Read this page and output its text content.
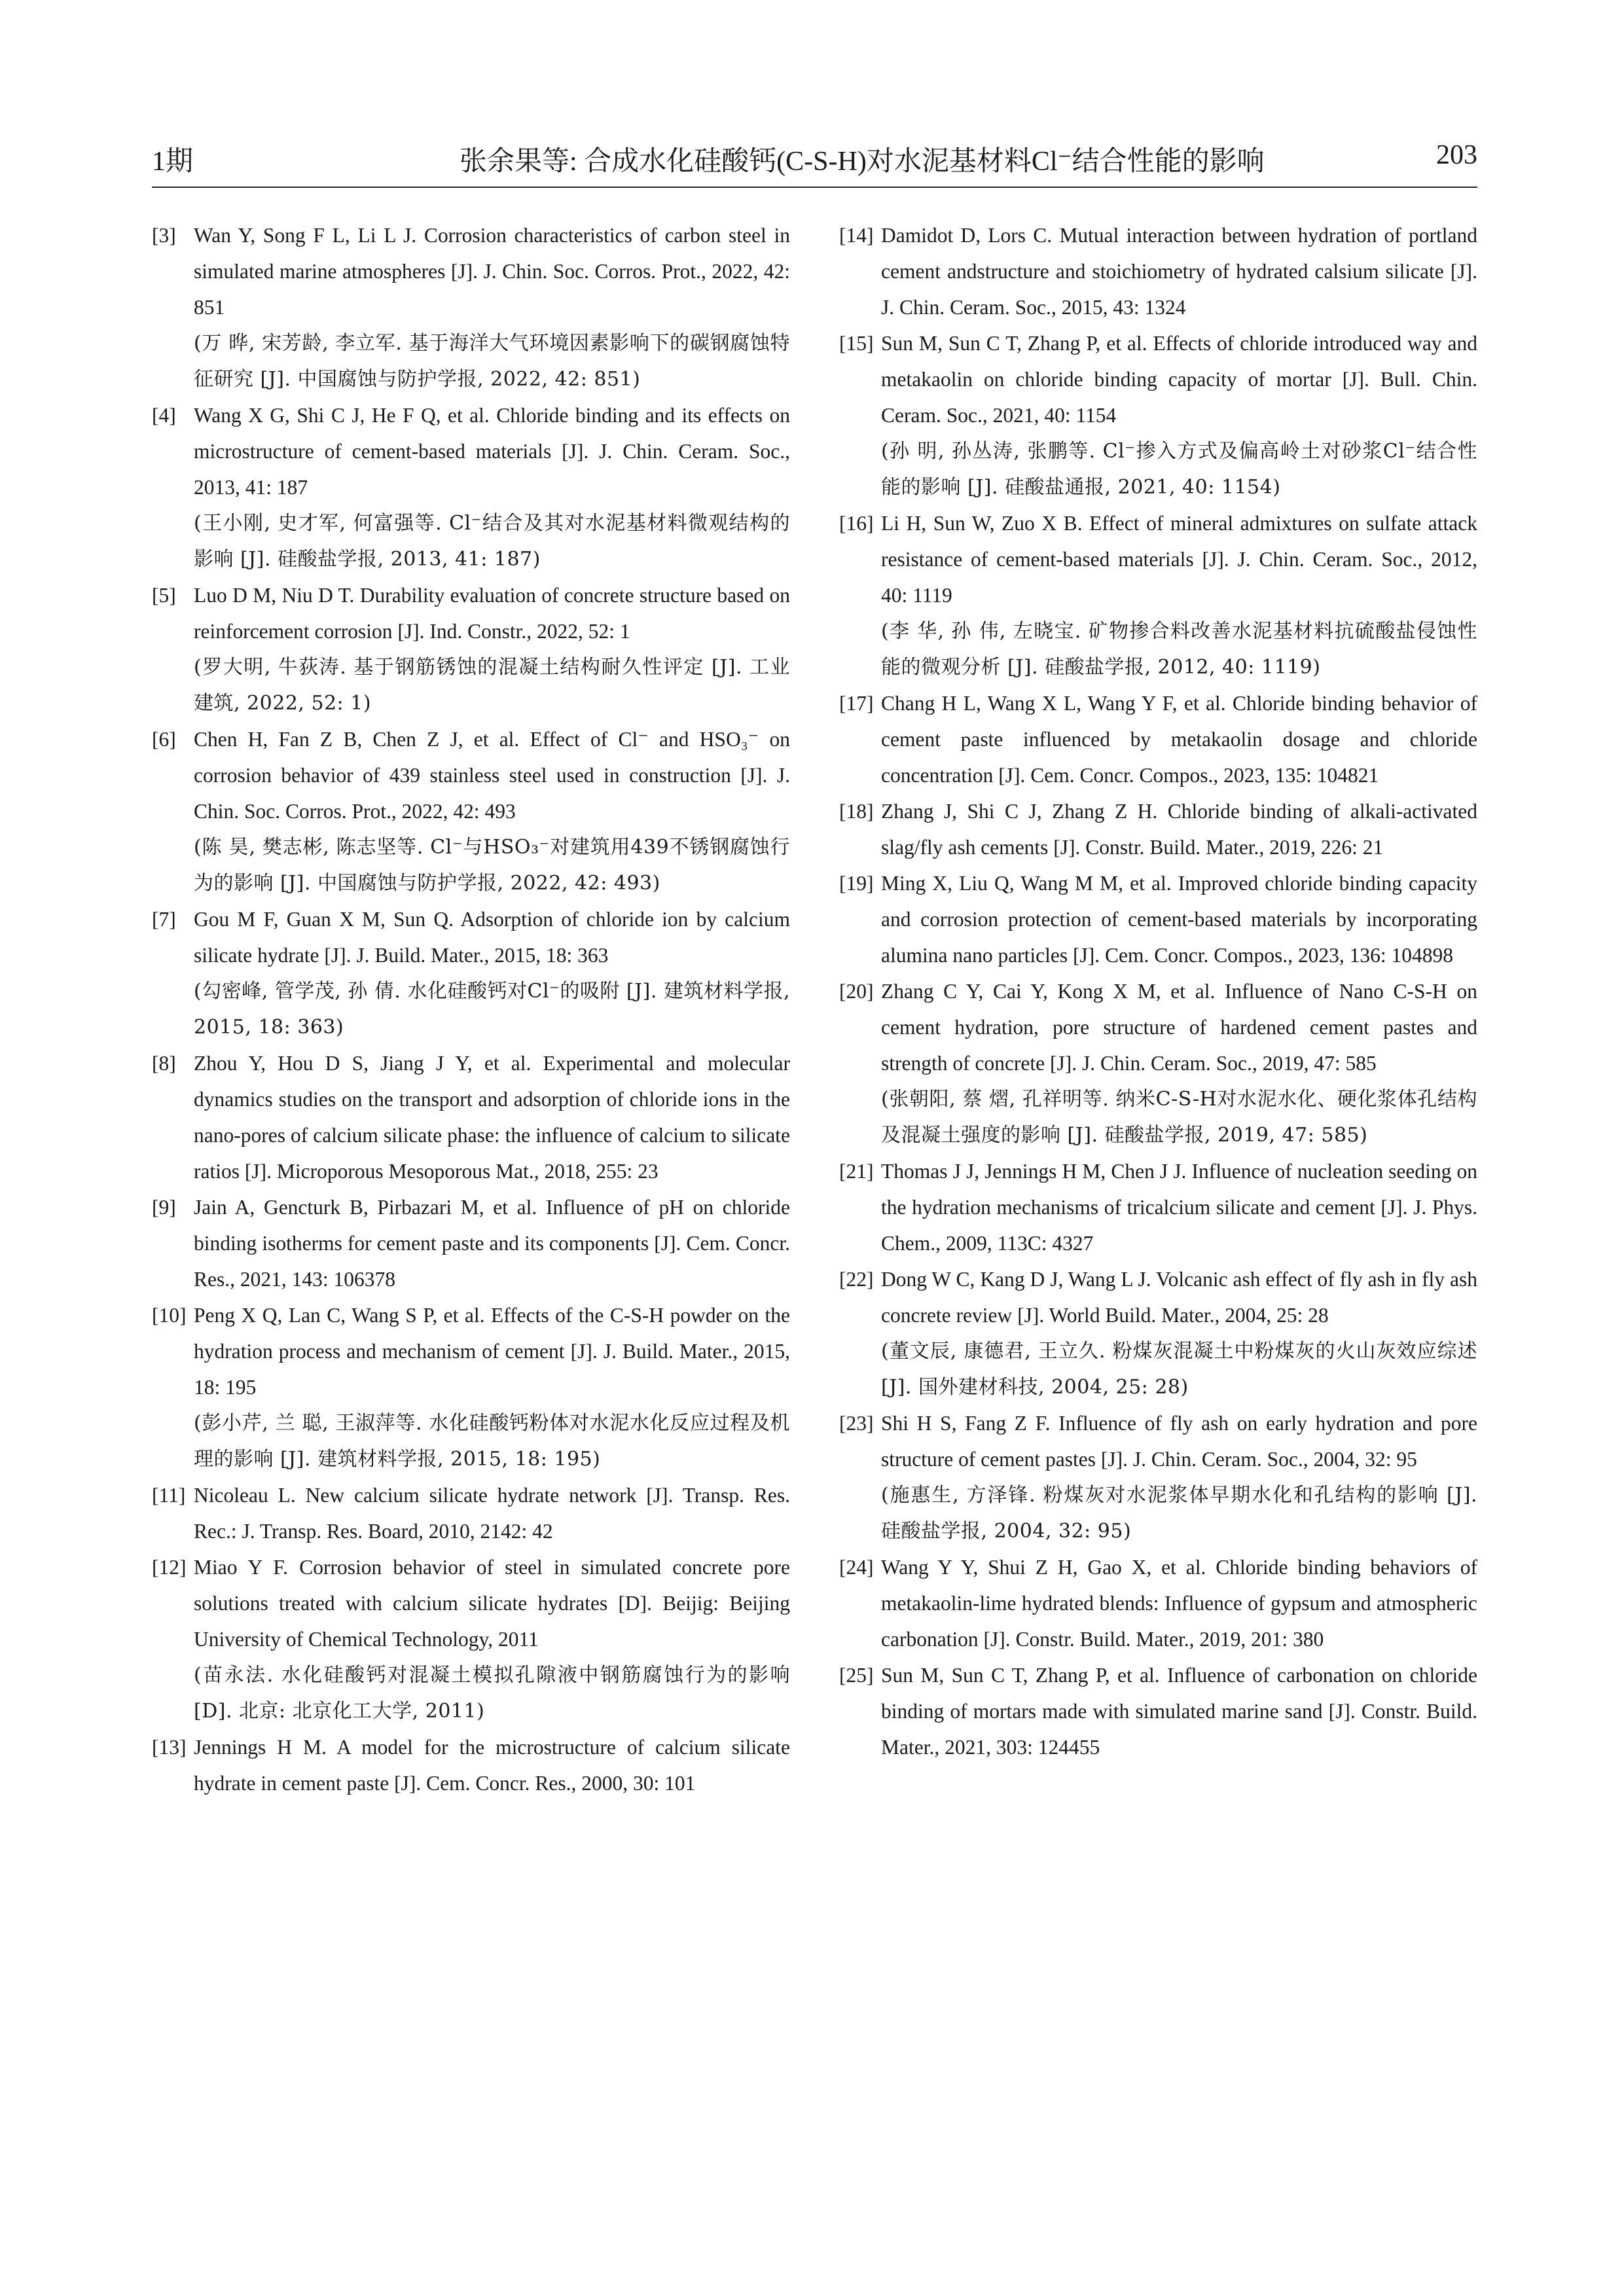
1期	张余果等: 合成水化硅酸钙(C-S-H)对水泥基材料Cl⁻结合性能的影响	203
[3] Wan Y, Song F L, Li L J. Corrosion characteristics of carbon steel in simulated marine atmospheres [J]. J. Chin. Soc. Corros. Prot., 2022, 42: 851
(万 晔, 宋芳龄, 李立军. 基于海洋大气环境因素影响下的碳钢腐蚀特征研究 [J]. 中国腐蚀与防护学报, 2022, 42: 851)
[4] Wang X G, Shi C J, He F Q, et al. Chloride binding and its effects on microstructure of cement-based materials [J]. J. Chin. Ceram. Soc., 2013, 41: 187
(王小刚, 史才军, 何富强等. Cl⁻结合及其对水泥基材料微观结构的影响 [J]. 硅酸盐学报, 2013, 41: 187)
[5] Luo D M, Niu D T. Durability evaluation of concrete structure based on reinforcement corrosion [J]. Ind. Constr., 2022, 52: 1
(罗大明, 牛荻涛. 基于钢筋锈蚀的混凝土结构耐久性评定 [J]. 工业建筑, 2022, 52: 1)
[6] Chen H, Fan Z B, Chen Z J, et al. Effect of Cl⁻ and HSO₃⁻ on corrosion behavior of 439 stainless steel used in construction [J]. J. Chin. Soc. Corros. Prot., 2022, 42: 493
(陈 昊, 樊志彬, 陈志坚等. Cl⁻与HSO₃⁻对建筑用439不锈钢腐蚀行为的影响 [J]. 中国腐蚀与防护学报, 2022, 42: 493)
[7] Gou M F, Guan X M, Sun Q. Adsorption of chloride ion by calcium silicate hydrate [J]. J. Build. Mater., 2015, 18: 363
(勾密峰, 管学茂, 孙 倩. 水化硅酸钙对Cl⁻的吸附 [J]. 建筑材料学报, 2015, 18: 363)
[8] Zhou Y, Hou D S, Jiang J Y, et al. Experimental and molecular dynamics studies on the transport and adsorption of chloride ions in the nano-pores of calcium silicate phase: the influence of calcium to silicate ratios [J]. Microporous Mesoporous Mat., 2018, 255: 23
[9] Jain A, Gencturk B, Pirbazari M, et al. Influence of pH on chloride binding isotherms for cement paste and its components [J]. Cem. Concr. Res., 2021, 143: 106378
[10] Peng X Q, Lan C, Wang S P, et al. Effects of the C-S-H powder on the hydration process and mechanism of cement [J]. J. Build. Mater., 2015, 18: 195
(彭小芹, 兰 聪, 王淑萍等. 水化硅酸钙粉体对水泥水化反应过程及机理的影响 [J]. 建筑材料学报, 2015, 18: 195)
[11] Nicoleau L. New calcium silicate hydrate network [J]. Transp. Res. Rec.: J. Transp. Res. Board, 2010, 2142: 42
[12] Miao Y F. Corrosion behavior of steel in simulated concrete pore solutions treated with calcium silicate hydrates [D]. Beijig: Beijing University of Chemical Technology, 2011
(苗永法. 水化硅酸钙对混凝土模拟孔隙液中钢筋腐蚀行为的影响 [D]. 北京: 北京化工大学, 2011)
[13] Jennings H M. A model for the microstructure of calcium silicate hydrate in cement paste [J]. Cem. Concr. Res., 2000, 30: 101
[14] Damidot D, Lors C. Mutual interaction between hydration of portland cement andstructure and stoichiometry of hydrated calsium silicate [J]. J. Chin. Ceram. Soc., 2015, 43: 1324
[15] Sun M, Sun C T, Zhang P, et al. Effects of chloride introduced way and metakaolin on chloride binding capacity of mortar [J]. Bull. Chin. Ceram. Soc., 2021, 40: 1154
(孙 明, 孙丛涛, 张鹏等. Cl⁻掺入方式及偏高岭土对砂浆Cl⁻结合性能的影响 [J]. 硅酸盐通报, 2021, 40: 1154)
[16] Li H, Sun W, Zuo X B. Effect of mineral admixtures on sulfate attack resistance of cement-based materials [J]. J. Chin. Ceram. Soc., 2012, 40: 1119
(李 华, 孙 伟, 左晓宝. 矿物掺合料改善水泥基材料抗硫酸盐侵蚀性能的微观分析 [J]. 硅酸盐学报, 2012, 40: 1119)
[17] Chang H L, Wang X L, Wang Y F, et al. Chloride binding behavior of cement paste influenced by metakaolin dosage and chloride concentration [J]. Cem. Concr. Compos., 2023, 135: 104821
[18] Zhang J, Shi C J, Zhang Z H. Chloride binding of alkali-activated slag/fly ash cements [J]. Constr. Build. Mater., 2019, 226: 21
[19] Ming X, Liu Q, Wang M M, et al. Improved chloride binding capacity and corrosion protection of cement-based materials by incorporating alumina nano particles [J]. Cem. Concr. Compos., 2023, 136: 104898
[20] Zhang C Y, Cai Y, Kong X M, et al. Influence of Nano C-S-H on cement hydration, pore structure of hardened cement pastes and strength of concrete [J]. J. Chin. Ceram. Soc., 2019, 47: 585
(张朝阳, 蔡 熠, 孔祥明等. 纳米C-S-H对水泥水化、硬化浆体孔结构及混凝土强度的影响 [J]. 硅酸盐学报, 2019, 47: 585)
[21] Thomas J J, Jennings H M, Chen J J. Influence of nucleation seeding on the hydration mechanisms of tricalcium silicate and cement [J]. J. Phys. Chem., 2009, 113C: 4327
[22] Dong W C, Kang D J, Wang L J. Volcanic ash effect of fly ash in fly ash concrete review [J]. World Build. Mater., 2004, 25: 28
(董文辰, 康德君, 王立久. 粉煤灰混凝土中粉煤灰的火山灰效应综述 [J]. 国外建材科技, 2004, 25: 28)
[23] Shi H S, Fang Z F. Influence of fly ash on early hydration and pore structure of cement pastes [J]. J. Chin. Ceram. Soc., 2004, 32: 95
(施惠生, 方泽锋. 粉煤灰对水泥浆体早期水化和孔结构的影响 [J]. 硅酸盐学报, 2004, 32: 95)
[24] Wang Y Y, Shui Z H, Gao X, et al. Chloride binding behaviors of metakaolin-lime hydrated blends: Influence of gypsum and atmospheric carbonation [J]. Constr. Build. Mater., 2019, 201: 380
[25] Sun M, Sun C T, Zhang P, et al. Influence of carbonation on chloride binding of mortars made with simulated marine sand [J]. Constr. Build. Mater., 2021, 303: 124455
